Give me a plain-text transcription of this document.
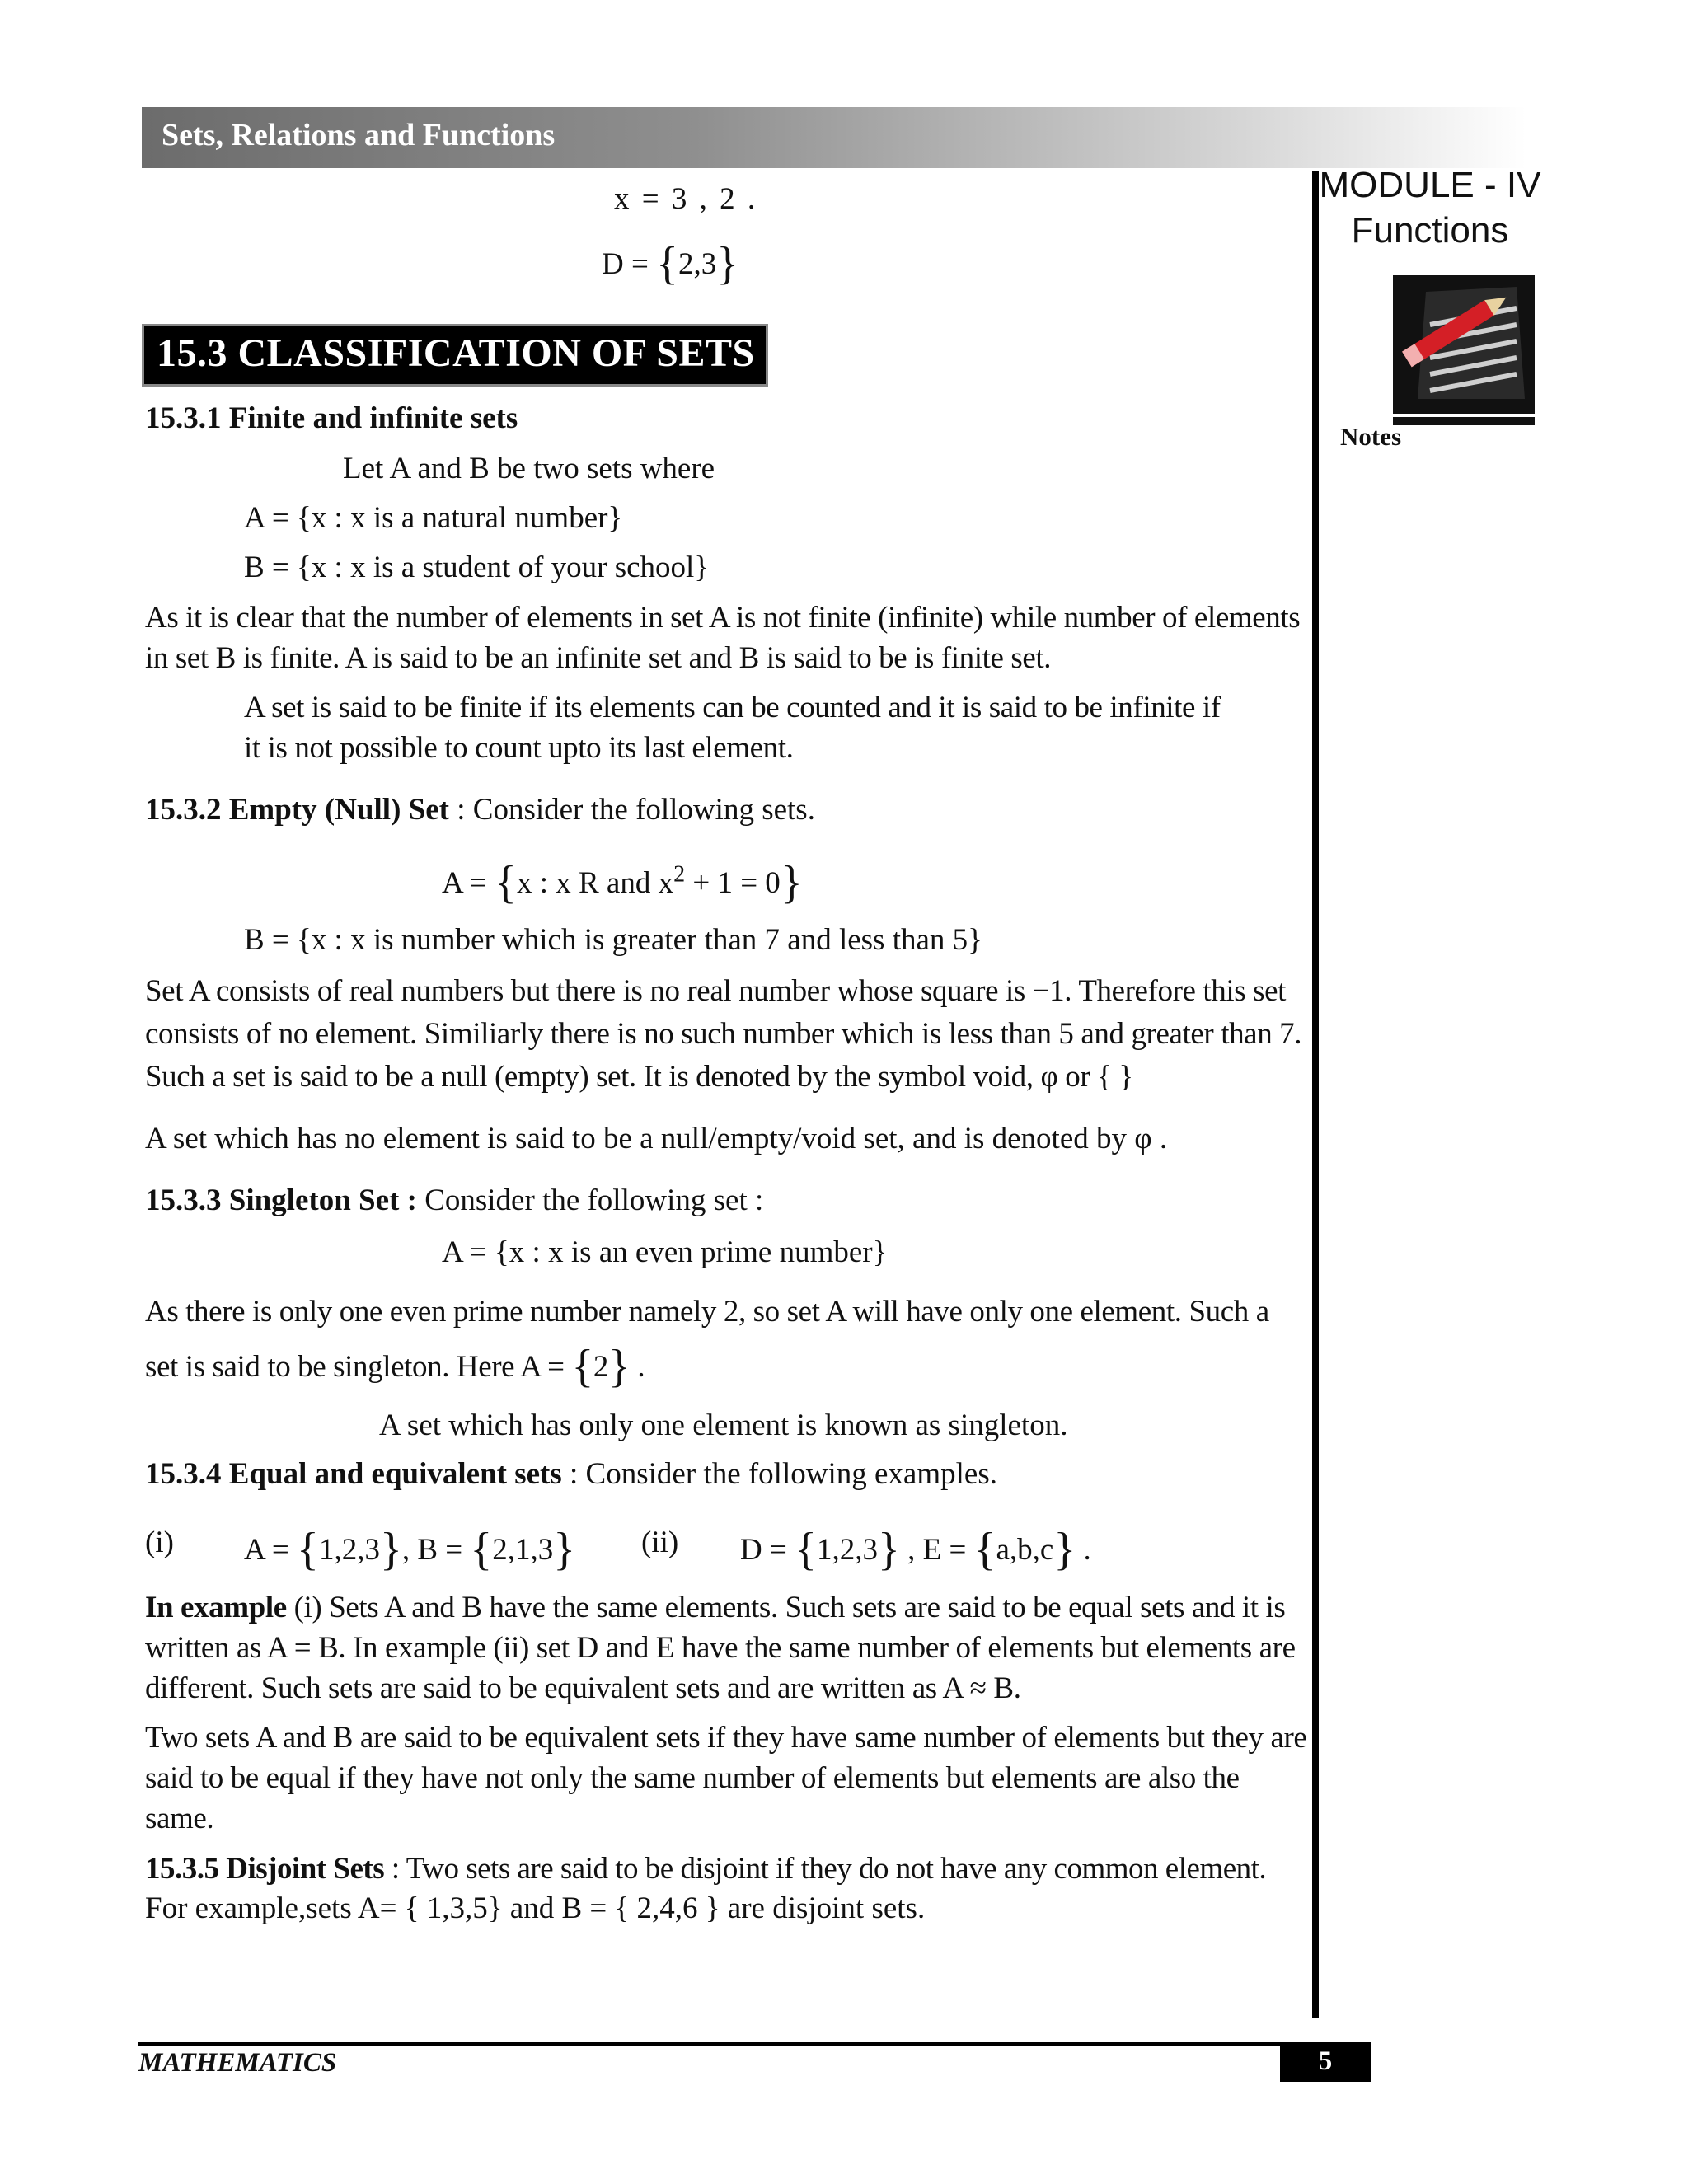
Sets, Relations and Functions
MODULE - IV
Functions
Notes
x = 3 , 2 .
D = {2,3}
15.3 CLASSIFICATION OF SETS
15.3.1 Finite and infinite sets
Let A and B be two sets where
A = {x : x is a natural number}
B = {x : x is a student of your school}
As it is clear that the number of elements in set A is not finite (infinite) while number of elements in set B is finite. A is said to be an infinite set and B is said to be is finite set.
A set is said to be finite if its elements can be counted and it is said to be infinite if it is not possible to count upto its last element.
15.3.2 Empty (Null) Set : Consider the following sets.
A = {x : x R and $x^2 + 1 = 0$}
B = {x : x is number which is greater than 7 and less than 5}
Set A consists of real numbers but there is no real number whose square is −1. Therefore this set consists of no element. Similiarly there is no such number which is less than 5 and greater than 7. Such a set is said to be a null (empty) set. It is denoted by the symbol void, φ or { }
A set which has no element is said to be a null/empty/void set, and is denoted by φ .
15.3.3 Singleton Set : Consider the following set :
A = {x : x is an even prime number}
As there is only one even prime number namely 2, so set A will have only one element. Such a set is said to be singleton. Here A = {2} .
A set which has only one element is known as singleton.
15.3.4 Equal and equivalent sets : Consider the following examples.
(i) A = {1,2,3}, B = {2,1,3} (ii) D = {1,2,3} , E = {a,b,c} .
In example (i) Sets A and B have the same elements. Such sets are said to be equal sets and it is written as A = B. In example (ii) set D and E have the same number of elements but elements are different. Such sets are said to be equivalent sets and are written as A ≈ B.
Two sets A and B are said to be equivalent sets if they have same number of elements but they are said to be equal if they have not only the same number of elements but elements are also the same.
15.3.5 Disjoint Sets : Two sets are said to be disjoint if they do not have any common element.
For example,sets A= { 1,3,5} and B = { 2,4,6 } are disjoint sets.
MATHEMATICS	5
